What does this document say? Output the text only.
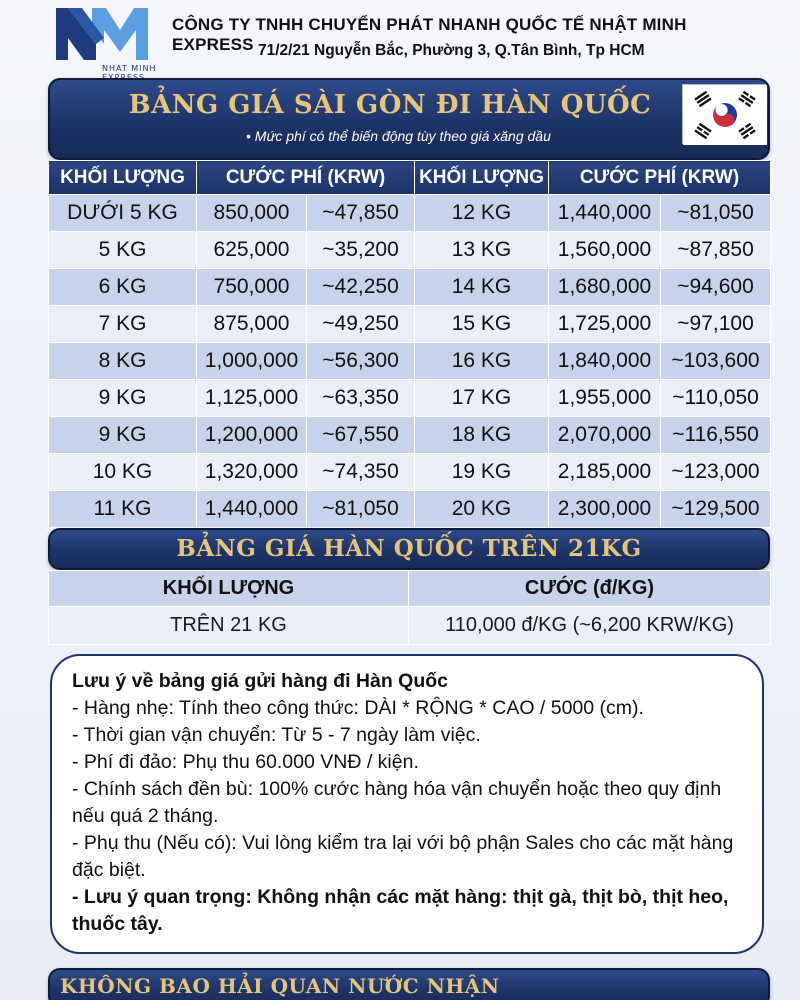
NHAT MINH
CÔNG TY TNHH CHUYỂN PHÁT NHANH QUỐC TẾ NHẬT MINH EXPRESS 71/2/21 Nguyễn Bắc, Phường 3, Q.Tân Bình, Tp HCM
BẢNG GIÁ SÀI GÒN ĐI HÀN QUỐC
• Mức phí có thể biến động tùy theo giá xăng dầu
KHỐI LƯỢNG	CƯỚC PHÍ (KRW)		KHỐI LƯỢNG	CƯỚC PHÍ (KRW)	
DƯỚI 5 KG	850,000	~47,850	12 KG	1,440,000	~81,050
5 KG	625,000	~35,200	13 KG	1,560,000	~87,850
6 KG	750,000	~42,250	14 KG	1,680,000	~94,600
7 KG	875,000	~49,250	15 KG	1,725,000	~97,100
8 KG	1,000,000	~56,300	16 KG	1,840,000	~103,600
9 KG	1,125,000	~63,350	17 KG	1,955,000	~110,050
9 KG	1,200,000	~67,550	18 KG	2,070,000	~116,550
10 KG	1,320,000	~74,350	19 KG	2,185,000	~123,000
11 KG	1,440,000	~81,050	20 KG	2,300,000	~129,500
BẢNG GIÁ HÀN QUỐC TRÊN 21KG
KHỐI LƯỢNG	CƯỚC (đ/KG)
TRÊN 21 KG	110,000 đ/KG (~6,200 KRW/KG)

Lưu ý về bảng giá gửi hàng đi Hàn Quốc

- Hàng nhẹ: Tính theo công thức: DÀI * RỘNG * CAO / 5000 (cm).

- Thời gian vận chuyển: Từ 5 - 7 ngày làm việc.

- Phí đi đảo: Phụ thu 60.000 VNĐ / kiện.

- Chính sách đền bù: 100% cước hàng hóa vận chuyển hoặc theo quy định nếu quá 2 tháng.

- Phụ thu (Nếu có): Vui lòng kiểm tra lại với bộ phận Sales cho các mặt hàng đặc biệt.

- Lưu ý quan trọng: Không nhận các mặt hàng: thịt gà, thịt bò, thịt heo, thuốc tây.

KHÔNG BAO HẢI QUAN NƯỚC NHẬN
